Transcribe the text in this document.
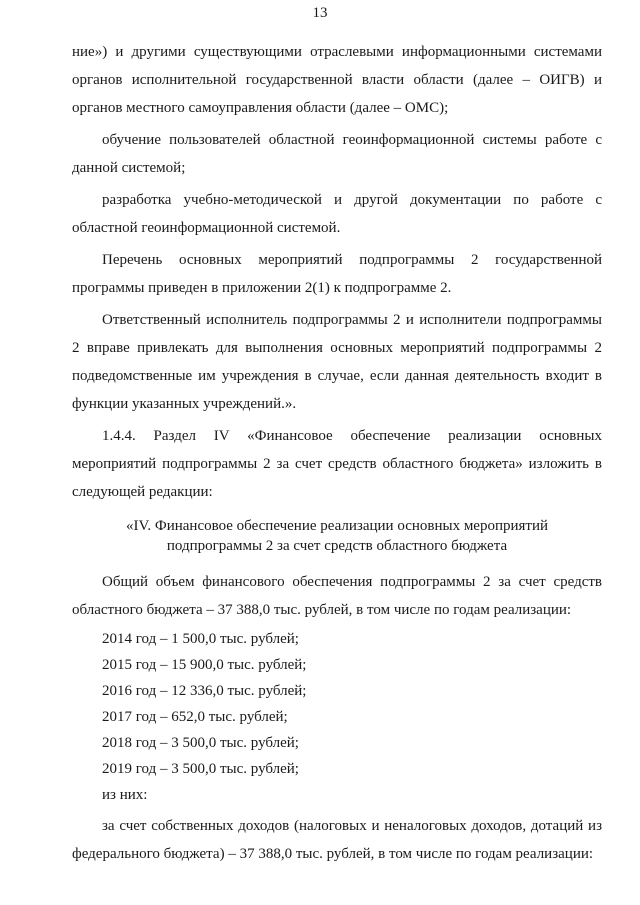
13

ние») и другими существующими отраслевыми информационными системами органов исполнительной государственной власти области (далее – ОИГВ) и органов местного самоуправления области (далее – ОМС);

обучение пользователей областной геоинформационной системы работе с данной системой;

разработка учебно-методической и другой документации по работе с областной геоинформационной системой.

Перечень основных мероприятий подпрограммы 2 государственной программы приведен в приложении 2(1) к подпрограмме 2.

Ответственный исполнитель подпрограммы 2 и исполнители подпрограммы 2 вправе привлекать для выполнения основных мероприятий подпрограммы 2 подведомственные им учреждения в случае, если данная деятельность входит в функции указанных учреждений.».

1.4.4. Раздел IV «Финансовое обеспечение реализации основных мероприятий подпрограммы 2 за счет средств областного бюджета» изложить в следующей редакции:

«IV. Финансовое обеспечение реализации основных мероприятий
подпрограммы 2 за счет средств областного бюджета

Общий объем финансового обеспечения подпрограммы 2 за счет средств областного бюджета – 37 388,0 тыс. рублей, в том числе по годам реализации:

2014 год – 1 500,0 тыс. рублей;

2015 год – 15 900,0 тыс. рублей;

2016 год – 12 336,0 тыс. рублей;

2017 год – 652,0 тыс. рублей;

2018 год – 3 500,0 тыс. рублей;

2019 год – 3 500,0 тыс. рублей;

из них:

за счет собственных доходов (налоговых и неналоговых доходов, дотаций из федерального бюджета) – 37 388,0 тыс. рублей, в том числе по годам реализации:
